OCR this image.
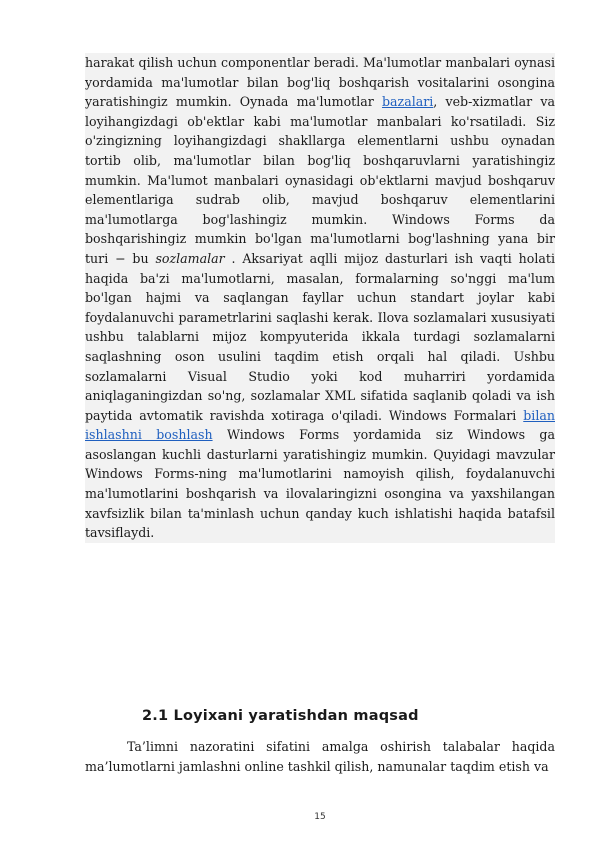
harakat qilish uchun componentlar beradi. Ma'lumotlar manbalari oynasi yordamida ma'lumotlar bilan bog'liq boshqarish vositalarini osongina yaratishingiz mumkin. Oynada ma'lumotlar bazalari, veb-xizmatlar va loyihangizdagi ob'ektlar kabi ma'lumotlar manbalari ko'rsatiladi. Siz o'zingizning loyihangizdagi shakllarga elementlarni ushbu oynadan tortib olib, ma'lumotlar bilan bog'liq boshqaruvlarni yaratishingiz mumkin. Ma'lumot manbalari oynasidagi ob'ektlarni mavjud boshqaruv elementlariga sudrab olib, mavjud boshqaruv elementlarini ma'lumotlarga bog'lashingiz mumkin. Windows Forms da boshqarishingiz mumkin bo'lgan ma'lumotlarni bog'lashning yana bir turi − bu sozlamalar . Aksariyat aqlli mijoz dasturlari ish vaqti holati haqida ba'zi ma'lumotlarni, masalan, formalarning so'nggi ma'lum bo'lgan hajmi va saqlangan fayllar uchun standart joylar kabi foydalanuvchi parametrlarini saqlashi kerak. Ilova sozlamalari xususiyati ushbu talablarni mijoz kompyuterida ikkala turdagi sozlamalarni saqlashning oson usulini taqdim etish orqali hal qiladi. Ushbu sozlamalarni Visual Studio yoki kod muharriri yordamida aniqlaganingizdan so'ng, sozlamalar XML sifatida saqlanib qoladi va ish paytida avtomatik ravishda xotiraga o'qiladi. Windows Formalari bilan ishlashni boshlash Windows Forms yordamida siz Windows ga asoslangan kuchli dasturlarni yaratishingiz mumkin. Quyidagi mavzular Windows Forms-ning ma'lumotlarini namoyish qilish, foydalanuvchi ma'lumotlarini boshqarish va ilovalaringizni osongina va yaxshilangan xavfsizlik bilan ta'minlash uchun qanday kuch ishlatishi haqida batafsil tavsiflaydi.
2.1 Loyixani yaratishdan maqsad
Ta’limni nazoratini sifatini amalga oshirish talabalar haqida ma’lumotlarni jamlashni online tashkil qilish, namunalar taqdim etish va
15
